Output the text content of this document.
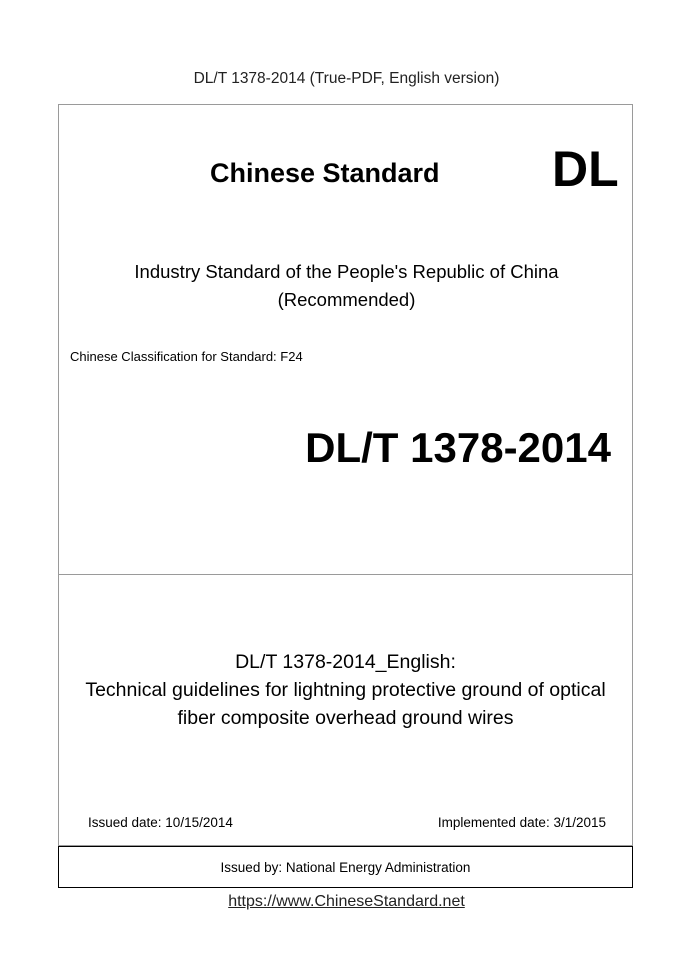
DL/T 1378-2014 (True-PDF, English version)
Chinese Standard DL
Industry Standard of the People's Republic of China
(Recommended)
Chinese Classification for Standard: F24
DL/T 1378-2014
DL/T 1378-2014_English:
Technical guidelines for lightning protective ground of optical
fiber composite overhead ground wires
Issued date: 10/15/2014	Implemented date: 3/1/2015
Issued by: National Energy Administration
https://www.ChineseStandard.net
